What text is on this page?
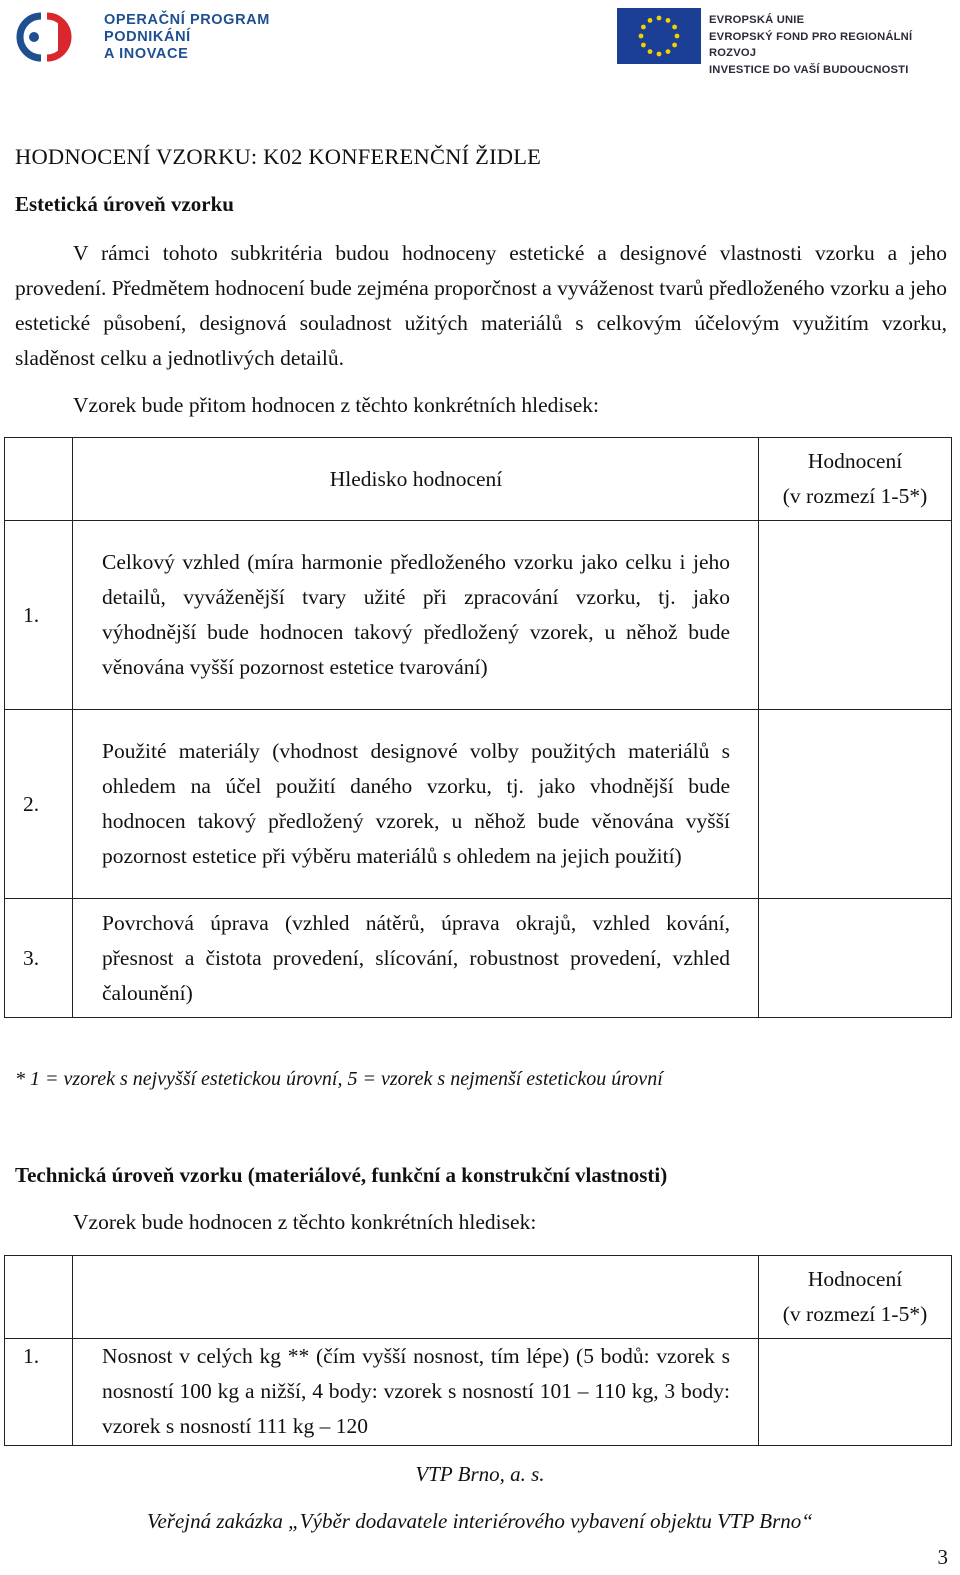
OPERAČNÍ PROGRAM
PODNIKÁNÍ
A INOVACE
EVROPSKÁ UNIE
EVROPSKÝ FOND PRO REGIONÁLNÍ ROZVOJ
INVESTICE DO VAŠÍ BUDOUCNOSTI
HODNOCENÍ VZORKU: K02 KONFERENČNÍ ŽIDLE
Estetická úroveň vzorku
V rámci tohoto subkritéria budou hodnoceny estetické a designové vlastnosti vzorku a jeho provedení. Předmětem hodnocení bude zejména proporčnost a vyváženost tvarů předloženého vzorku a jeho estetické působení, designová souladnost užitých materiálů s celkovým účelovým využitím vzorku, sladěnost celku a jednotlivých detailů.
Vzorek bude přitom hodnocen z těchto konkrétních hledisek:
	Hledisko hodnocení	Hodnocení
(v rozmezí 1-5*)

1.	Celkový vzhled (míra harmonie předloženého vzorku jako celku i jeho detailů, vyváženější tvary užité při zpracování vzorku, tj. jako výhodnější bude hodnocen takový předložený vzorek, u něhož bude věnována vyšší pozornost estetice tvarování)	
2.	Použité materiály (vhodnost designové volby použitých materiálů s ohledem na účel použití daného vzorku, tj. jako vhodnější bude hodnocen takový předložený vzorek, u něhož bude věnována vyšší pozornost estetice při výběru materiálů s ohledem na jejich použití)	
3.	Povrchová úprava (vzhled nátěrů, úprava okrajů, vzhled kování, přesnost a čistota provedení, slícování, robustnost provedení, vzhled čalounění)	
* 1 = vzorek s nejvyšší estetickou úrovní, 5 = vzorek s nejmenší estetickou úrovní
Technická úroveň vzorku (materiálové, funkční a konstrukční vlastnosti)
Vzorek bude hodnocen z těchto konkrétních hledisek:

		Hodnocení
(v rozmezí 1-5*)

1.	Nosnost v celých kg ** (čím vyšší nosnost, tím lépe) (5 bodů: vzorek s nosností 100 kg a nižší, 4 body: vzorek s nosností 101 – 110 kg, 3 body: vzorek s nosností 111 kg – 120	
VTP Brno, a. s.
Veřejná zakázka „Výběr dodavatele interiérového vybavení objektu VTP Brno“
3
